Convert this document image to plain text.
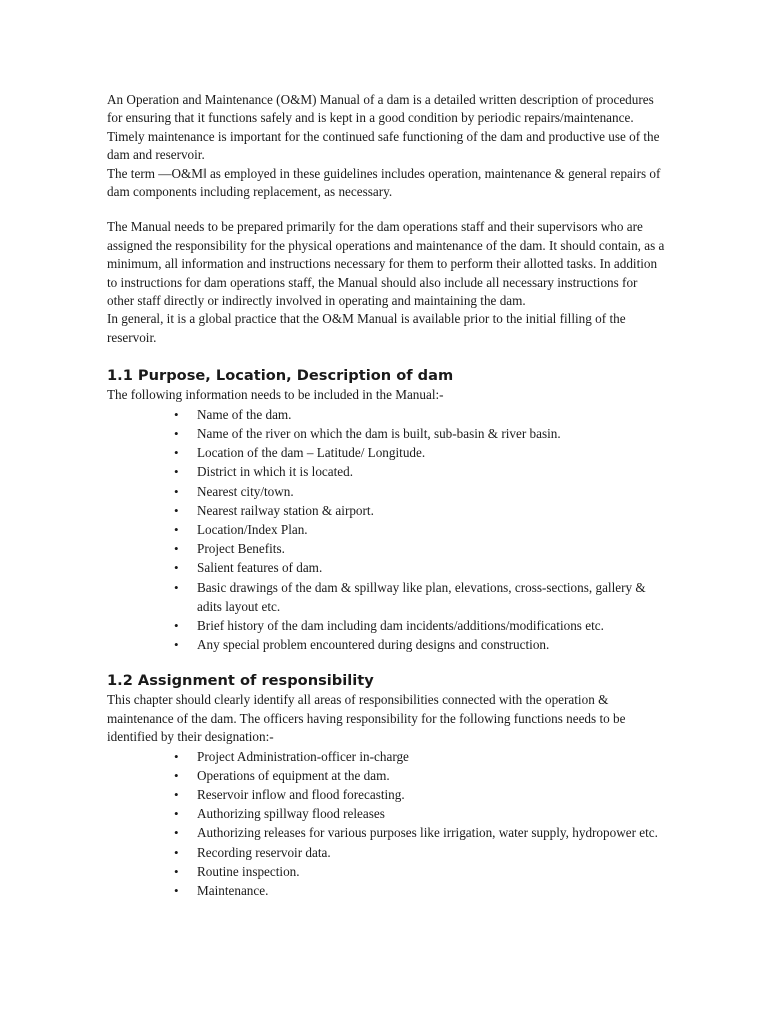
An Operation and Maintenance (O&M) Manual of a dam is a detailed written description of procedures for ensuring that it functions safely and is kept in a good condition by periodic repairs/maintenance. Timely maintenance is important for the continued safe functioning of the dam and productive use of the dam and reservoir.

The term —O&M‖ as employed in these guidelines includes operation, maintenance & general repairs of dam components including replacement, as necessary.

The Manual needs to be prepared primarily for the dam operations staff and their supervisors who are assigned the responsibility for the physical operations and maintenance of the dam. It should contain, as a minimum, all information and instructions necessary for them to perform their allotted tasks. In addition to instructions for dam operations staff, the Manual should also include all necessary instructions for other staff directly or indirectly involved in operating and maintaining the dam.

In general, it is a global practice that the O&M Manual is available prior to the initial filling of the reservoir.

1.1 Purpose, Location, Description of dam

The following information needs to be included in the Manual:-

• Name of the dam.
• Name of the river on which the dam is built, sub-basin & river basin.
• Location of the dam – Latitude/ Longitude.
• District in which it is located.
• Nearest city/town.
• Nearest railway station & airport.
• Location/Index Plan.
• Project Benefits.
• Salient features of dam.
• Basic drawings of the dam & spillway like plan, elevations, cross-sections, gallery & adits layout etc.
• Brief history of the dam including dam incidents/additions/modifications etc.
• Any special problem encountered during designs and construction.
1.2 Assignment of responsibility

This chapter should clearly identify all areas of responsibilities connected with the operation & maintenance of the dam. The officers having responsibility for the following functions needs to be identified by their designation:-

• Project Administration-officer in-charge
• Operations of equipment at the dam.
• Reservoir inflow and flood forecasting.
• Authorizing spillway flood releases
• Authorizing releases for various purposes like irrigation, water supply, hydropower etc.
• Recording reservoir data.
• Routine inspection.
• Maintenance.
